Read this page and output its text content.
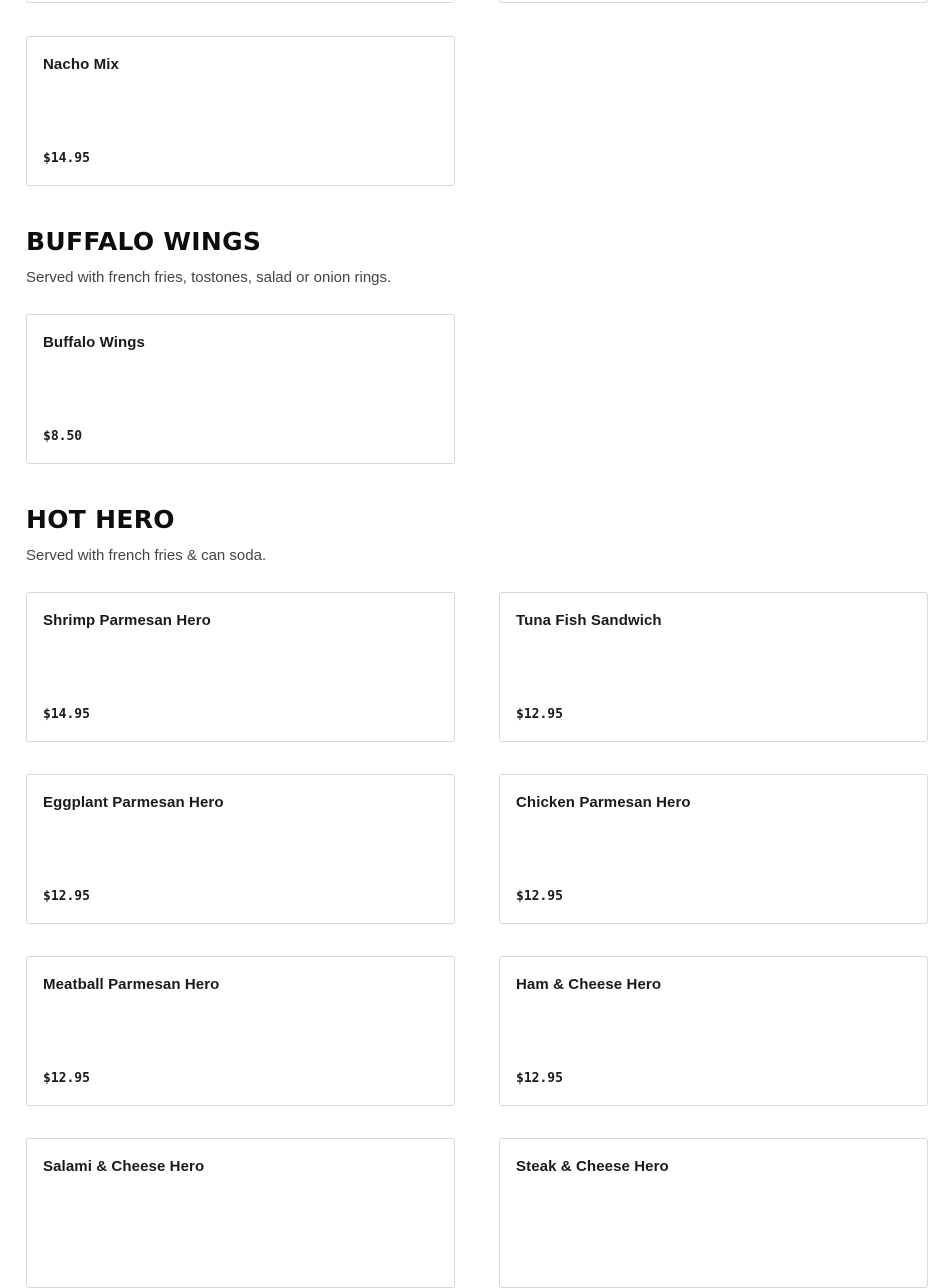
Nacho Mix
$14.95
BUFFALO WINGS

Served with french fries, tostones, salad or onion rings.

Buffalo Wings
$8.50
HOT HERO

Served with french fries & can soda.

Shrimp Parmesan Hero
$14.95
Tuna Fish Sandwich
$12.95
Eggplant Parmesan Hero
$12.95
Chicken Parmesan Hero
$12.95
Meatball Parmesan Hero
$12.95
Ham & Cheese Hero
$12.95
Salami & Cheese Hero	Steak & Cheese Hero
